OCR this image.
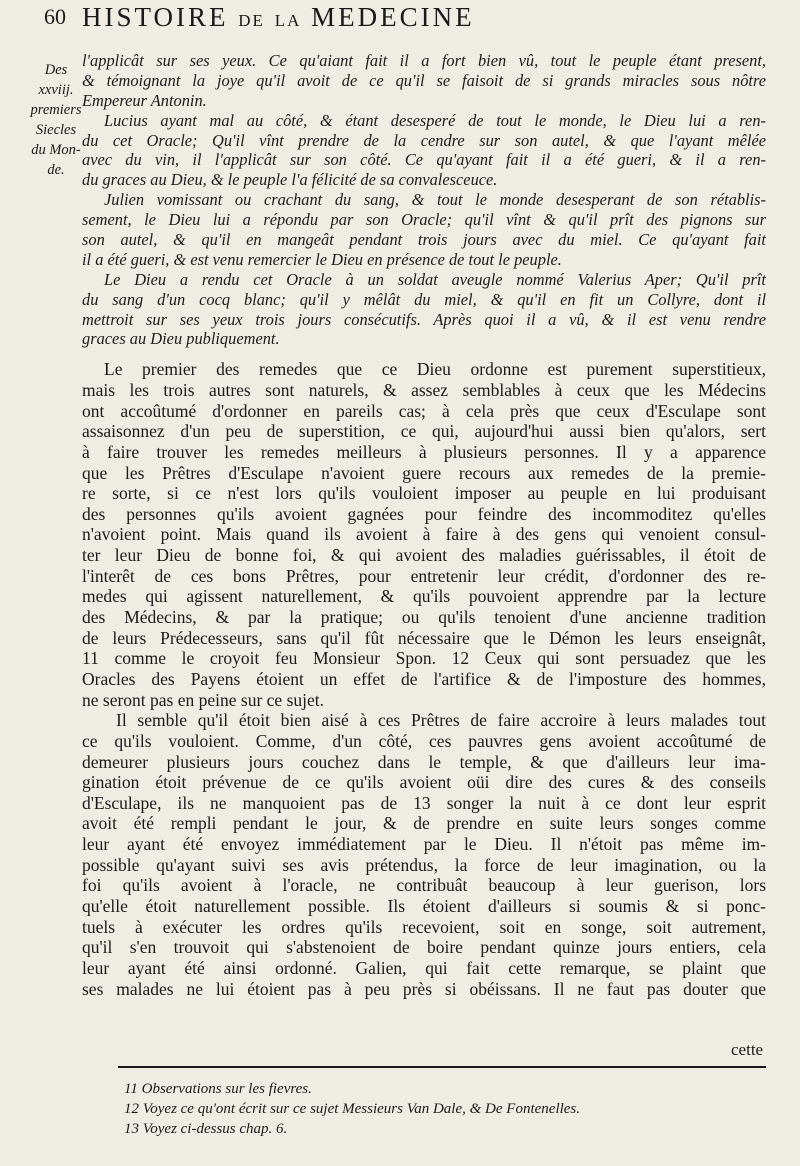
60 HISTOIRE DE LA MEDECINE
Des
xxviij.
premiers
Siecles
du Mon-
de.
l'applicât sur ses yeux. Ce qu'aiant fait il a fort bien vû, tout le peuple étant present,
& témoignant la joye qu'il avoit de ce qu'il se faisoit de si grands miracles sous nôtre
Empereur Antonin.
Lucius ayant mal au côté, & étant desesperé de tout le monde, le Dieu lui a ren-
du cet Oracle; Qu'il vînt prendre de la cendre sur son autel, & que l'ayant mêlée
avec du vin, il l'applicât sur son côté. Ce qu'ayant fait il a été gueri, & il a ren-
du graces au Dieu, & le peuple l'a félicité de sa convalesceuce.
Julien vomissant ou crachant du sang, & tout le monde desesperant de son rétablis-
sement, le Dieu lui a répondu par son Oracle; qu'il vînt & qu'il prît des pignons sur
son autel, & qu'il en mangeât pendant trois jours avec du miel. Ce qu'ayant fait
il a été gueri, & est venu remercier le Dieu en présence de tout le peuple.
Le Dieu a rendu cet Oracle à un soldat aveugle nommé Valerius Aper; Qu'il prît
du sang d'un cocq blanc; qu'il y mêlât du miel, & qu'il en fit un Collyre, dont il
mettroit sur ses yeux trois jours consécutifs. Après quoi il a vû, & il est venu rendre
graces au Dieu publiquement.
Le premier des remedes que ce Dieu ordonne est purement superstitieux,
mais les trois autres sont naturels, & assez semblables à ceux que les Médecins
ont accoûtumé d'ordonner en pareils cas; à cela près que ceux d'Esculape sont
assaisonnez d'un peu de superstition, ce qui, aujourd'hui aussi bien qu'alors, sert
à faire trouver les remedes meilleurs à plusieurs personnes. Il y a apparence
que les Prêtres d'Esculape n'avoient guere recours aux remedes de la premie-
re sorte, si ce n'est lors qu'ils vouloient imposer au peuple en lui produisant
des personnes qu'ils avoient gagnées pour feindre des incommoditez qu'elles
n'avoient point. Mais quand ils avoient à faire à des gens qui venoient consul-
ter leur Dieu de bonne foi, & qui avoient des maladies guérissables, il étoit de
l'interêt de ces bons Prêtres, pour entretenir leur crédit, d'ordonner des re-
medes qui agissent naturellement, & qu'ils pouvoient apprendre par la lecture
des Médecins, & par la pratique; ou qu'ils tenoient d'une ancienne tradition
de leurs Prédecesseurs, sans qu'il fût nécessaire que le Démon les leurs enseignât,
11 comme le croyoit feu Monsieur Spon. 12 Ceux qui sont persuadez que les
Oracles des Payens étoient un effet de l'artifice & de l'imposture des hommes,
ne seront pas en peine sur ce sujet.
Il semble qu'il étoit bien aisé à ces Prêtres de faire accroire à leurs malades tout
ce qu'ils vouloient. Comme, d'un côté, ces pauvres gens avoient accoûtumé de
demeurer plusieurs jours couchez dans le temple, & que d'ailleurs leur ima-
gination étoit prévenue de ce qu'ils avoient oüi dire des cures & des conseils
d'Esculape, ils ne manquoient pas de 13 songer la nuit à ce dont leur esprit
avoit été rempli pendant le jour, & de prendre en suite leurs songes comme
leur ayant été envoyez immédiatement par le Dieu. Il n'étoit pas même im-
possible qu'ayant suivi ses avis prétendus, la force de leur imagination, ou la
foi qu'ils avoient à l'oracle, ne contribuât beaucoup à leur guerison, lors
qu'elle étoit naturellement possible. Ils étoient d'ailleurs si soumis & si ponc-
tuels à exécuter les ordres qu'ils recevoient, soit en songe, soit autrement,
qu'il s'en trouvoit qui s'abstenoient de boire pendant quinze jours entiers, cela
leur ayant été ainsi ordonné. Galien, qui fait cette remarque, se plaint que
ses malades ne lui étoient pas à peu près si obéissans. Il ne faut pas douter que
cette
11 Observations sur les fievres.
12 Voyez ce qu'ont écrit sur ce sujet Messieurs Van Dale, & De Fontenelles.
13 Voyez ci-dessus chap. 6.
